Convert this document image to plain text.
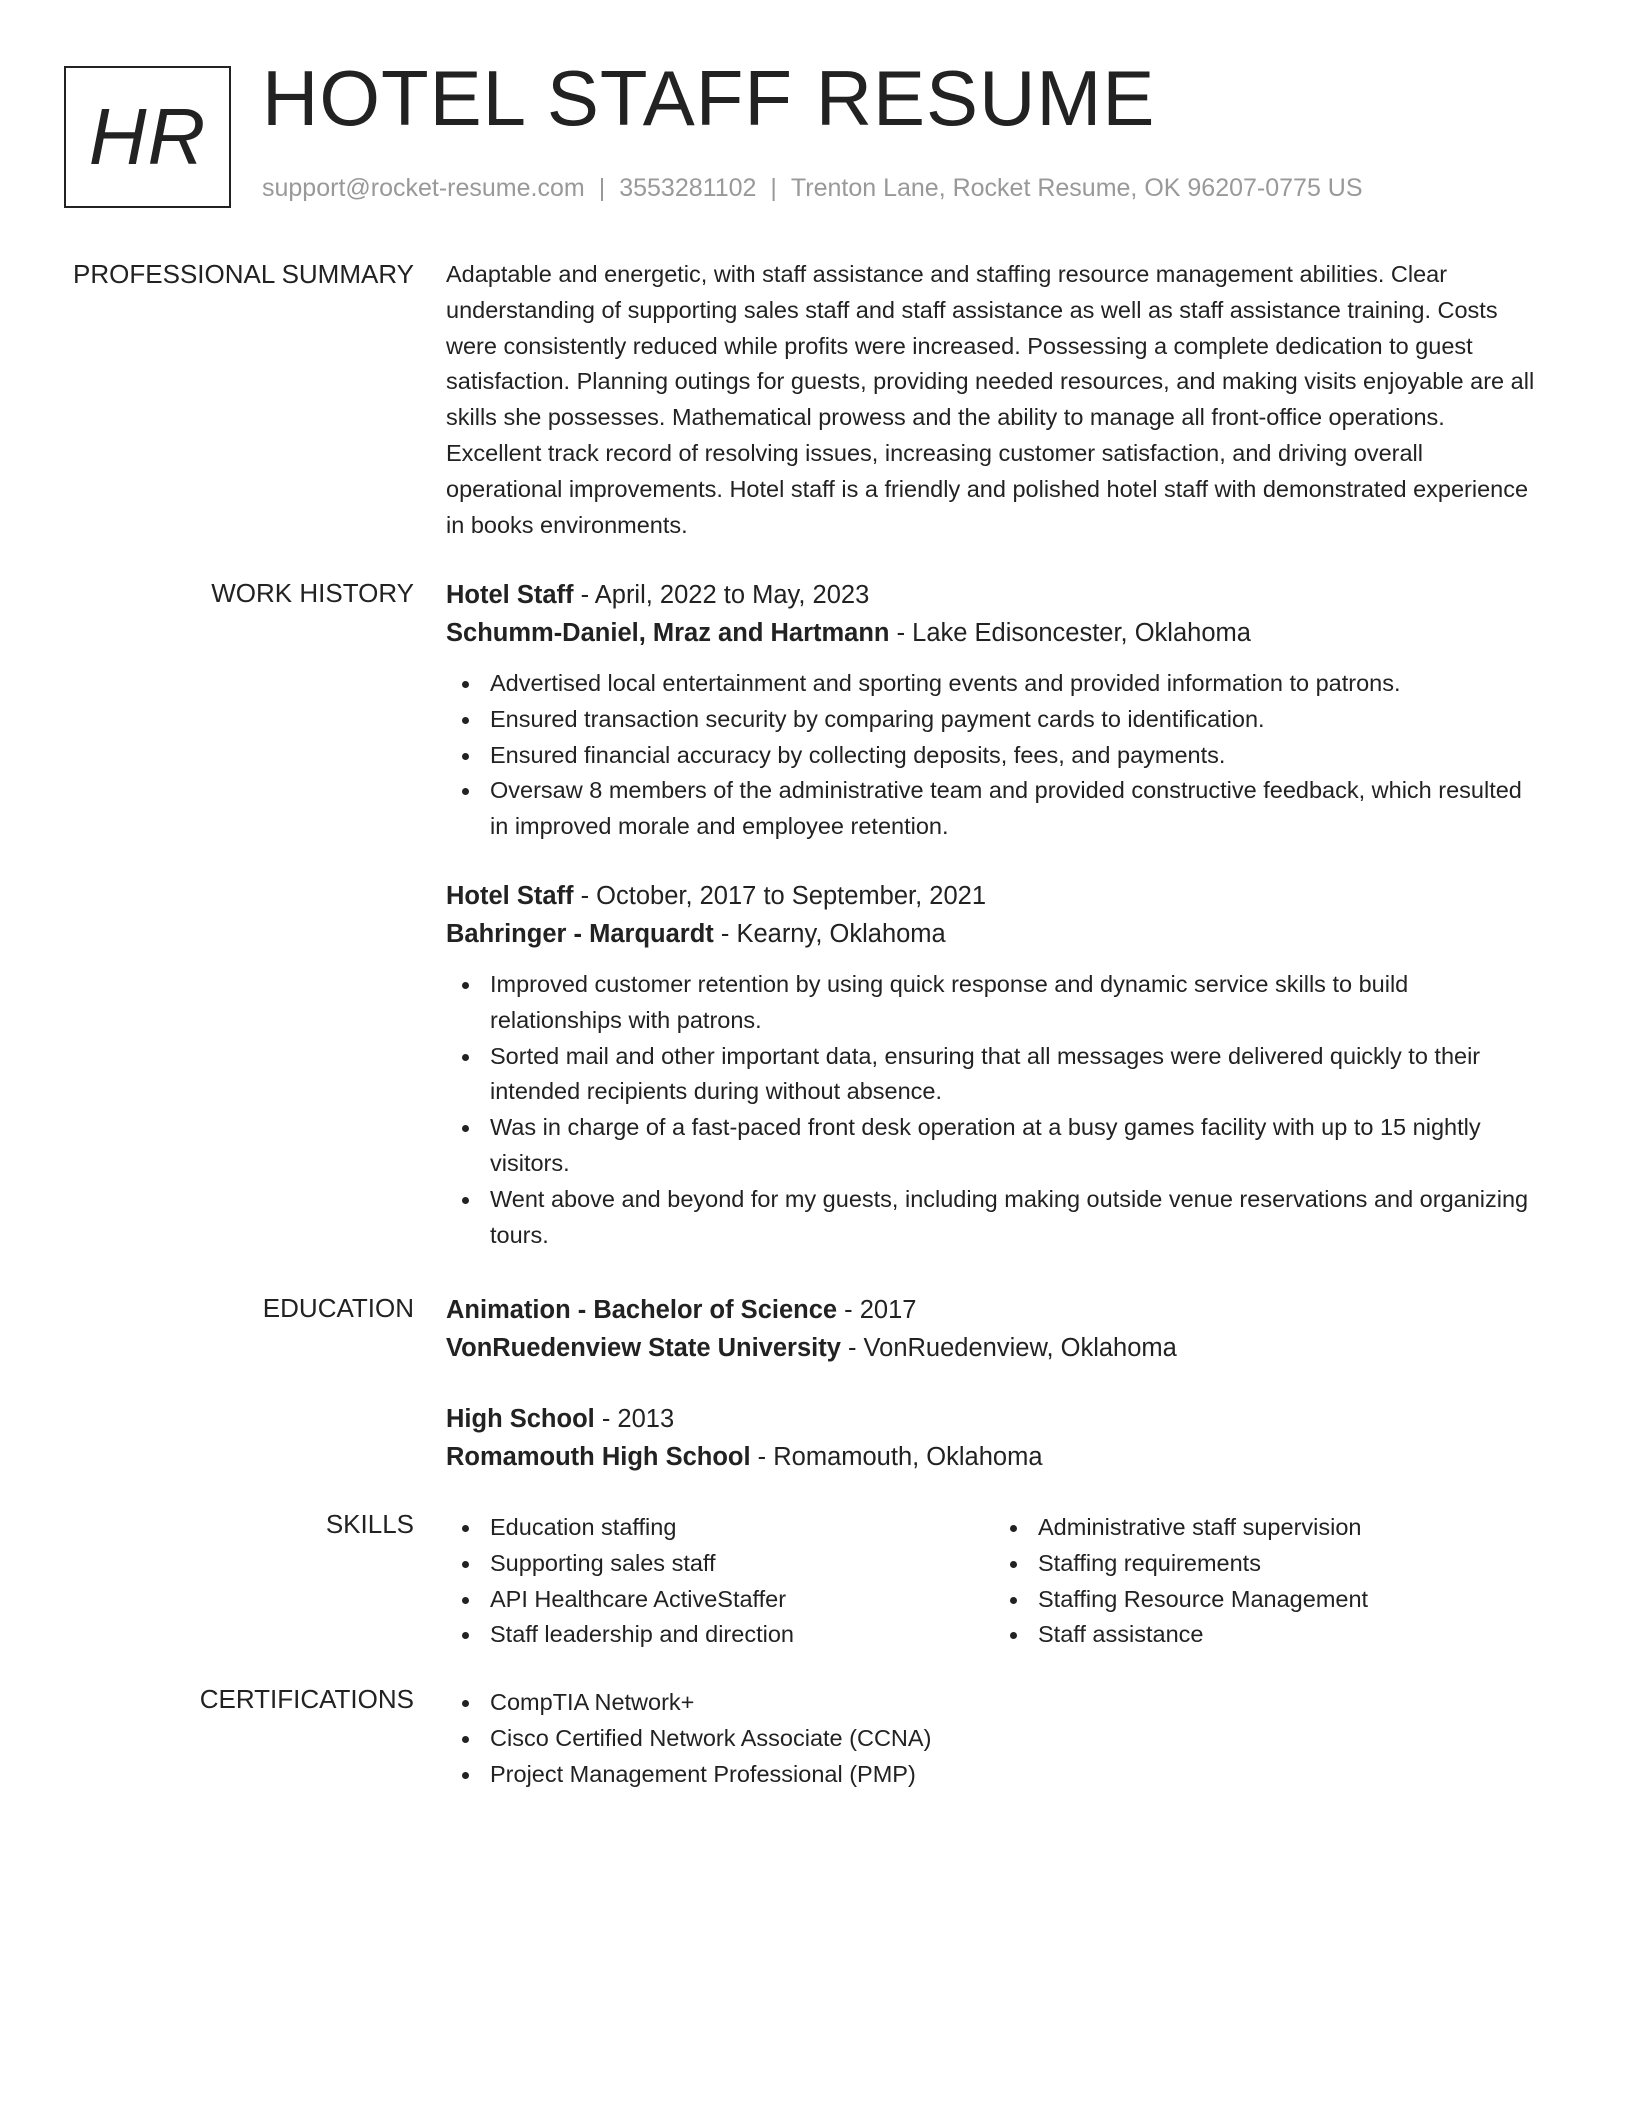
HR HOTEL STAFF RESUME
support@rocket-resume.com | 3553281102 | Trenton Lane, Rocket Resume, OK 96207-0775 US
PROFESSIONAL SUMMARY Adaptable and energetic, with staff assistance and staffing resource management abilities. Clear understanding of supporting sales staff and staff assistance as well as staff assistance training. Costs were consistently reduced while profits were increased. Possessing a complete dedication to guest satisfaction. Planning outings for guests, providing needed resources, and making visits enjoyable are all skills she possesses. Mathematical prowess and the ability to manage all front-office operations. Excellent track record of resolving issues, increasing customer satisfaction, and driving overall operational improvements. Hotel staff is a friendly and polished hotel staff with demonstrated experience in books environments.

WORK HISTORY Hotel Staff - April, 2022 to May, 2023
Schumm-Daniel, Mraz and Hartmann - Lake Edisoncester, Oklahoma
Advertised local entertainment and sporting events and provided information to patrons.
Ensured transaction security by comparing payment cards to identification.
Ensured financial accuracy by collecting deposits, fees, and payments.
Oversaw 8 members of the administrative team and provided constructive feedback, which resulted in improved morale and employee retention.
Hotel Staff - October, 2017 to September, 2021
Bahringer - Marquardt - Kearny, Oklahoma
Improved customer retention by using quick response and dynamic service skills to build relationships with patrons.
Sorted mail and other important data, ensuring that all messages were delivered quickly to their intended recipients during without absence.
Was in charge of a fast-paced front desk operation at a busy games facility with up to 15 nightly visitors.
Went above and beyond for my guests, including making outside venue reservations and organizing tours.
EDUCATION Animation - Bachelor of Science - 2017
VonRuedenview State University - VonRuedenview, Oklahoma
High School - 2013
Romamouth High School - Romamouth, Oklahoma
SKILLS	Education staffing
Supporting sales staff
API Healthcare ActiveStaffer
Staff leadership and direction
Administrative staff supervision
Staffing requirements
Staffing Resource Management
Staff assistance
CERTIFICATIONS	CompTIA Network+
Cisco Certified Network Associate (CCNA)
Project Management Professional (PMP)
